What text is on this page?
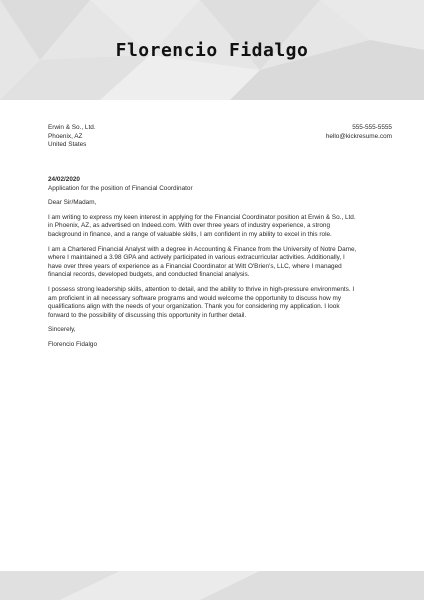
Florencio Fidalgo
Erwin & So., Ltd.
Phoenix, AZ
United States
555-555-5555
hello@kickresume.com
24/02/2020
Application for the position of Financial Coordinator
Dear Sir/Madam,
I am writing to express my keen interest in applying for the Financial Coordinator position at Erwin & So., Ltd.
in Phoenix, AZ, as advertised on Indeed.com. With over three years of industry experience, a strong
background in finance, and a range of valuable skills, I am confident in my ability to excel in this role.
I am a Chartered Financial Analyst with a degree in Accounting & Finance from the University of Notre Dame,
where I maintained a 3.98 GPA and actively participated in various extracurricular activities. Additionally, I
have over three years of experience as a Financial Coordinator at Witt O'Brien's, LLC, where I managed
financial records, developed budgets, and conducted financial analysis.
I possess strong leadership skills, attention to detail, and the ability to thrive in high-pressure environments. I
am proficient in all necessary software programs and would welcome the opportunity to discuss how my
qualifications align with the needs of your organization. Thank you for considering my application. I look
forward to the possibility of discussing this opportunity in further detail.
Sincerely,
Florencio Fidalgo
